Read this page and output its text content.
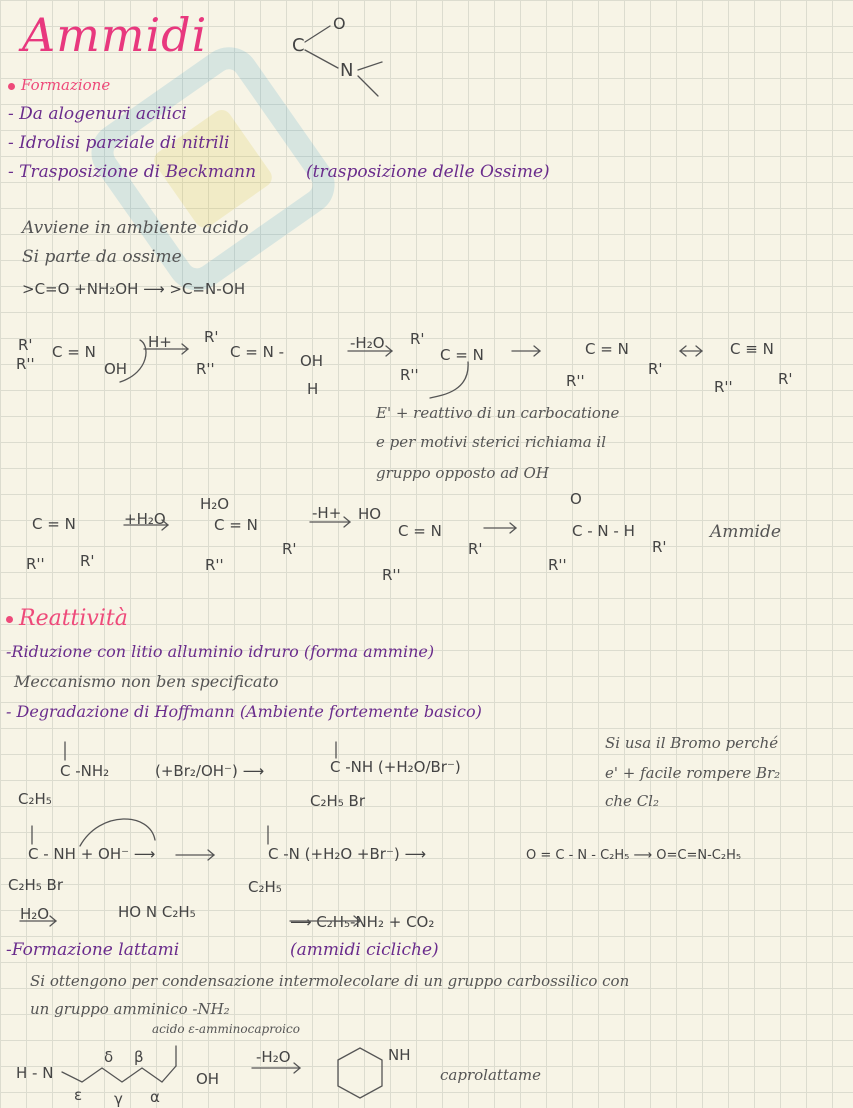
Ammidi	C
O
N
Formazione
- Da alogenuri acilici
- Idrolisi parziale di nitrili
- Trasposizione di Beckmann	(trasposizione delle Ossime)
Avviene in ambiente acido
Si parte da ossime
>C=O +NH₂OH ⟶ >C=N-OH
R'
R''
C = N
OH
H+ R'
R''
C = N - OH
H
-H₂O R'
R''
C = N	C = N
R'
R''
C ≡ N
R'
R''
E' + reattivo di un carbocatione
e per motivi sterici richiama il
gruppo opposto ad OH
C = N
R'
R''
+H₂O
H₂O
C = N
R'
R''
-H+ HO
C = N
R'
R''
O
C - N - H
R'
R''
Ammide
Reattività
-Riduzione con litio alluminio idruro (forma ammine)
Meccanismo non ben specificato
- Degradazione di Hoffmann (Ambiente fortemente basico)
C -NH₂
C₂H₅
(+Br₂/OH⁻) ⟶	C -NH (+H₂O/Br⁻)
C₂H₅ Br
Si usa il Bromo perché
e' + facile rompere Br₂
che Cl₂
C - NH + OH⁻ ⟶
C₂H₅ Br
C -N (+H₂O +Br⁻) ⟶
C₂H₅
O = C - N - C₂H₅ ⟶ O=C=N-C₂H₅
H₂O	HO N C₂H₅
⟶ C₂H₅-NH₂ + CO₂
-Formazione lattami	(ammidi cicliche)
Si ottengono per condensazione intermolecolare di un gruppo carbossilico con
un gruppo amminico -NH₂
acido ε-amminocaproico
H - N	OH
ε γ
β
δ
α
-H₂O	NH
caprolattame
